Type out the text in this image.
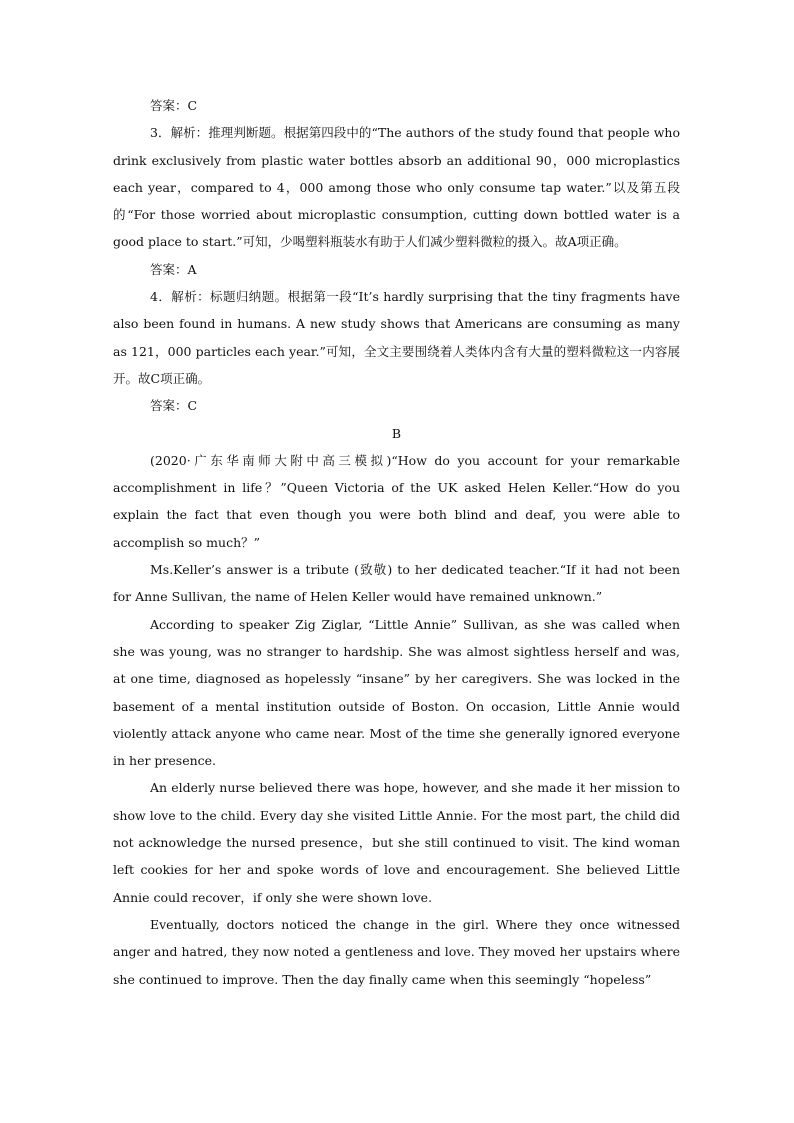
答案：C

3．解析：推理判断题。根据第四段中的“The authors of the study found that people who drink exclusively from plastic water bottles absorb an additional 90，000 microplastics each year，compared to 4，000 among those who only consume tap water.”以及第五段的“For those worried about microplastic consumption, cutting down bottled water is a good place to start.”可知，少喝塑料瓶装水有助于人们减少塑料微粒的摄入。故A项正确。

答案：A

4．解析：标题归纳题。根据第一段“It’s hardly surprising that the tiny fragments have also been found in humans. A new study shows that Americans are consuming as many as 121，000 particles each year.”可知，全文主要围绕着人类体内含有大量的塑料微粒这一内容展开。故C项正确。

答案：C

B

(2020·广东华南师大附中高三模拟)“How do you account for your remarkable accomplishment in life？”Queen Victoria of the UK asked Helen Keller.“How do you explain the fact that even though you were both blind and deaf, you were able to accomplish so much？”

Ms.Keller’s answer is a tribute (致敬) to her dedicated teacher.“If it had not been for Anne Sullivan, the name of Helen Keller would have remained unknown.”

According to speaker Zig Ziglar, “Little Annie” Sullivan, as she was called when she was young, was no stranger to hardship. She was almost sightless herself and was, at one time, diagnosed as hopelessly “insane” by her caregivers. She was locked in the basement of a mental institution outside of Boston. On occasion, Little Annie would violently attack anyone who came near. Most of the time she generally ignored everyone in her presence.

An elderly nurse believed there was hope, however, and she made it her mission to show love to the child. Every day she visited Little Annie. For the most part, the child did not acknowledge the nursed presence，but she still continued to visit. The kind woman left cookies for her and spoke words of love and encouragement. She believed Little Annie could recover，if only she were shown love.

Eventually, doctors noticed the change in the girl. Where they once witnessed anger and hatred, they now noted a gentleness and love. They moved her upstairs where she continued to improve. Then the day finally came when this seemingly “hopeless”
